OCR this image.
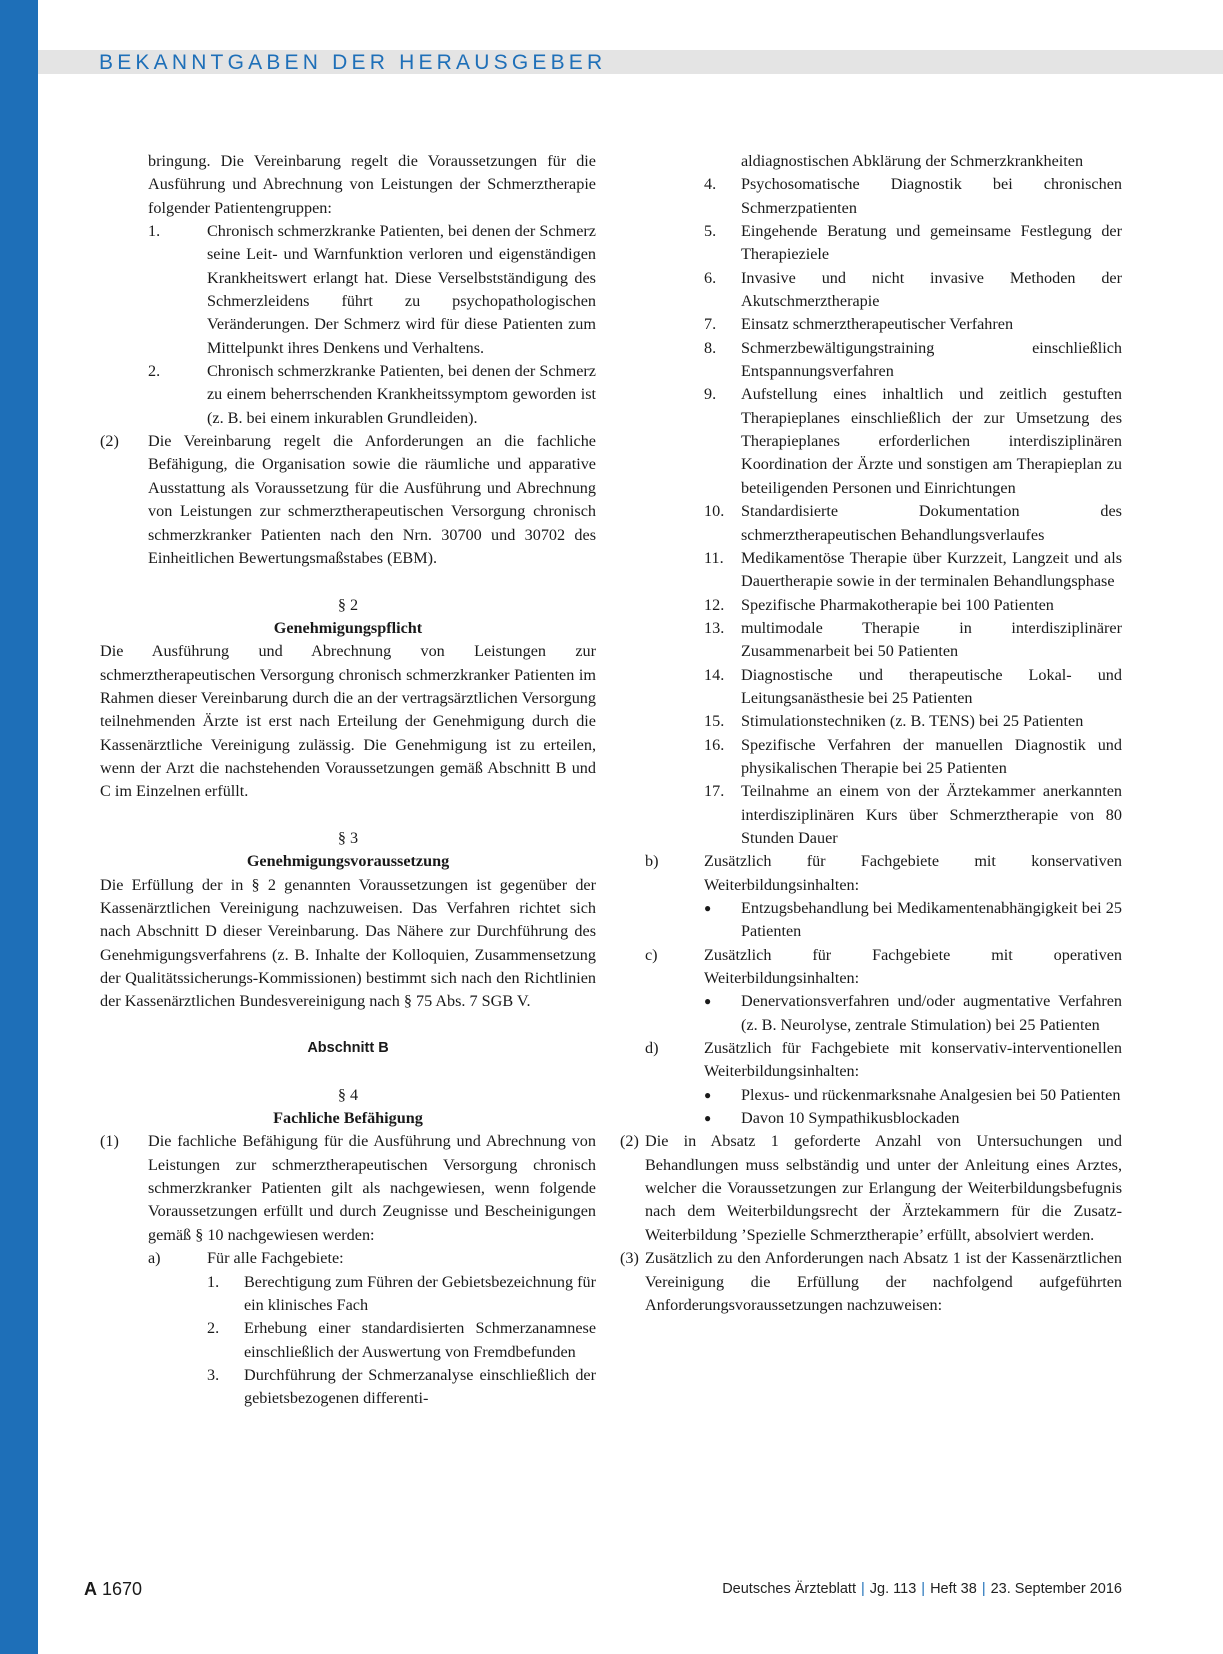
BEKANNTGABEN DER HERAUSGEBER
bringung. Die Vereinbarung regelt die Voraussetzungen für die Ausführung und Abrechnung von Leistungen der Schmerztherapie folgender Patientengruppen:
1.	Chronisch schmerzkranke Patienten, bei denen der Schmerz seine Leit- und Warnfunktion verloren und eigenständigen Krankheitswert erlangt hat. Diese Verselbstständigung des Schmerzleidens führt zu psychopathologischen Veränderungen. Der Schmerz wird für diese Patienten zum Mittelpunkt ihres Denkens und Verhaltens.
2.	Chronisch schmerzkranke Patienten, bei denen der Schmerz zu einem beherrschenden Krankheitssymptom geworden ist (z. B. bei einem inkurablen Grundleiden).
(2)	Die Vereinbarung regelt die Anforderungen an die fachliche Befähigung, die Organisation sowie die räumliche und apparative Ausstattung als Voraussetzung für die Ausführung und Abrechnung von Leistungen zur schmerztherapeutischen Versorgung chronisch schmerzkranker Patienten nach den Nrn. 30700 und 30702 des Einheitlichen Bewertungsmaßstabes (EBM).
§ 2
Genehmigungspflicht
Die Ausführung und Abrechnung von Leistungen zur schmerztherapeutischen Versorgung chronisch schmerzkranker Patienten im Rahmen dieser Vereinbarung durch die an der vertragsärztlichen Versorgung teilnehmenden Ärzte ist erst nach Erteilung der Genehmigung durch die Kassenärztliche Vereinigung zulässig. Die Genehmigung ist zu erteilen, wenn der Arzt die nachstehenden Voraussetzungen gemäß Abschnitt B und C im Einzelnen erfüllt.
§ 3
Genehmigungsvoraussetzung
Die Erfüllung der in § 2 genannten Voraussetzungen ist gegenüber der Kassenärztlichen Vereinigung nachzuweisen. Das Verfahren richtet sich nach Abschnitt D dieser Vereinbarung. Das Nähere zur Durchführung des Genehmigungsverfahrens (z. B. Inhalte der Kolloquien, Zusammensetzung der Qualitätssicherungs-Kommissionen) bestimmt sich nach den Richtlinien der Kassenärztlichen Bundesvereinigung nach § 75 Abs. 7 SGB V.
Abschnitt B
§ 4
Fachliche Befähigung
(1)	Die fachliche Befähigung für die Ausführung und Abrechnung von Leistungen zur schmerztherapeutischen Versorgung chronisch schmerzkranker Patienten gilt als nachgewiesen, wenn folgende Voraussetzungen erfüllt und durch Zeugnisse und Bescheinigungen gemäß § 10 nachgewiesen werden:
a)	Für alle Fachgebiete:
1.	Berechtigung zum Führen der Gebietsbezeichnung für ein klinisches Fach
2.	Erhebung einer standardisierten Schmerzanamnese einschließlich der Auswertung von Fremdbefunden
3.	Durchführung der Schmerzanalyse einschließlich der gebietsbezogenen differenti-
aldiagnostischen Abklärung der Schmerzkrankheiten
4.	Psychosomatische Diagnostik bei chronischen Schmerzpatienten
5.	Eingehende Beratung und gemeinsame Festlegung der Therapieziele
6.	Invasive und nicht invasive Methoden der Akutschmerztherapie
7.	Einsatz schmerztherapeutischer Verfahren
8.	Schmerzbewältigungstraining einschließlich Entspannungsverfahren
9.	Aufstellung eines inhaltlich und zeitlich gestuften Therapieplanes einschließlich der zur Umsetzung des Therapieplanes erforderlichen interdisziplinären Koordination der Ärzte und sonstigen am Therapieplan zu beteiligenden Personen und Einrichtungen
10.	Standardisierte Dokumentation des schmerztherapeutischen Behandlungsverlaufes
11.	Medikamentöse Therapie über Kurzzeit, Langzeit und als Dauertherapie sowie in der terminalen Behandlungsphase
12.	Spezifische Pharmakotherapie bei 100 Patienten
13.	multimodale Therapie in interdisziplinärer Zusammenarbeit bei 50 Patienten
14.	Diagnostische und therapeutische Lokal- und Leitungsanästhesie bei 25 Patienten
15.	Stimulationstechniken (z. B. TENS) bei 25 Patienten
16.	Spezifische Verfahren der manuellen Diagnostik und physikalischen Therapie bei 25 Patienten
17.	Teilnahme an einem von der Ärztekammer anerkannten interdisziplinären Kurs über Schmerztherapie von 80 Stunden Dauer
b)	Zusätzlich für Fachgebiete mit konservativen Weiterbildungsinhalten:
●	Entzugsbehandlung bei Medikamentenabhängigkeit bei 25 Patienten
c)	Zusätzlich für Fachgebiete mit operativen Weiterbildungsinhalten:
●	Denervationsverfahren und/oder augmentative Verfahren (z. B. Neurolyse, zentrale Stimulation) bei 25 Patienten
d)	Zusätzlich für Fachgebiete mit konservativ-interventionellen Weiterbildungsinhalten:
●	Plexus- und rückenmarksnahe Analgesien bei 50 Patienten
●	Davon 10 Sympathikusblockaden
(2) Die in Absatz 1 geforderte Anzahl von Untersuchungen und Behandlungen muss selbständig und unter der Anleitung eines Arztes, welcher die Voraussetzungen zur Erlangung der Weiterbildungsbefugnis nach dem Weiterbildungsrecht der Ärztekammern für die Zusatz-Weiterbildung ’Spezielle Schmerztherapie’ erfüllt, absolviert werden.
(3) Zusätzlich zu den Anforderungen nach Absatz 1 ist der Kassenärztlichen Vereinigung die Erfüllung der nachfolgend aufgeführten Anforderungsvoraussetzungen nachzuweisen:
A 1670	Deutsches Ärzteblatt | Jg. 113 | Heft 38 | 23. September 2016
